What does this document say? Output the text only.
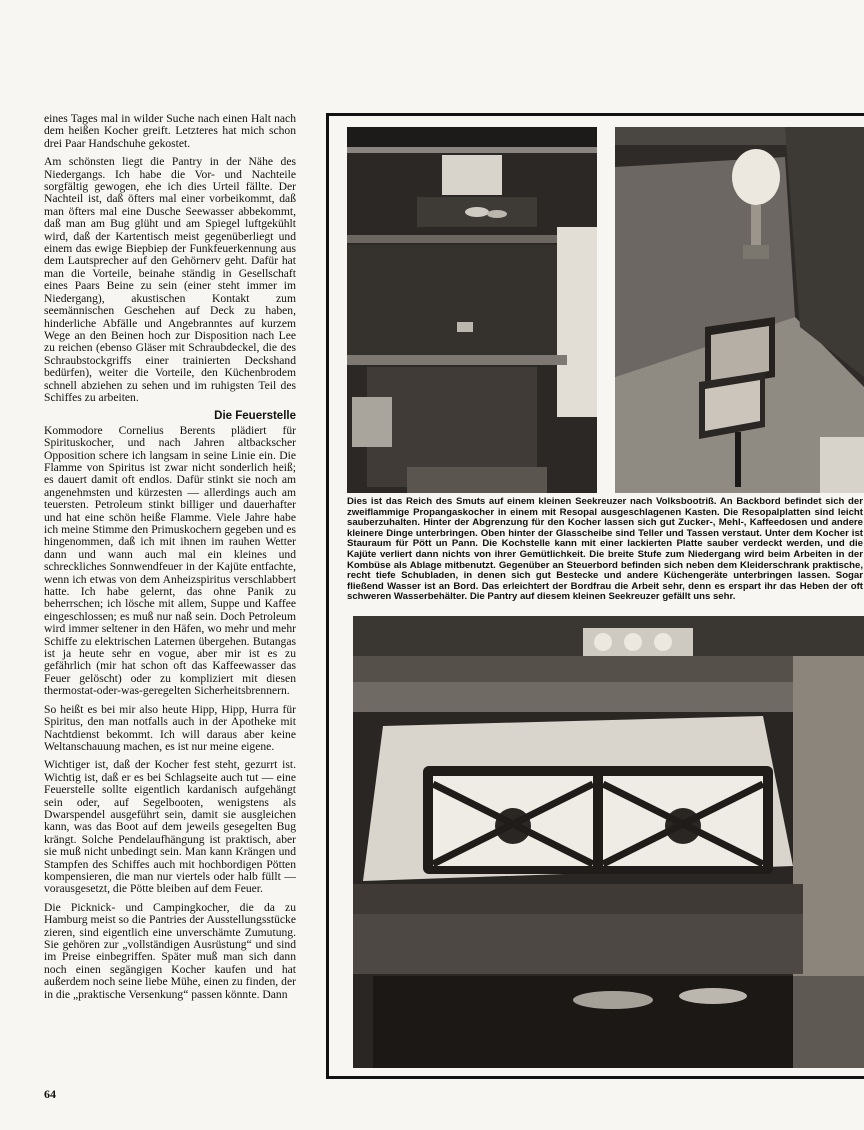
eines Tages mal in wilder Suche nach einen Halt nach dem heißen Kocher greift. Letzteres hat mich schon drei Paar Handschuhe gekostet.

Am schönsten liegt die Pantry in der Nähe des Niedergangs. Ich habe die Vor- und Nachteile sorgfältig gewogen, ehe ich dies Urteil fällte. Der Nachteil ist, daß öfters mal einer vorbeikommt, daß man öfters mal eine Dusche Seewasser abbekommt, daß man am Bug glüht und am Spiegel luftgekühlt wird, daß der Kartentisch meist gegenüberliegt und einem das ewige Biepbiep der Funkfeuerkennung aus dem Lautsprecher auf den Gehörnerv geht. Dafür hat man die Vorteile, beinahe ständig in Gesellschaft eines Paars Beine zu sein (einer steht immer im Niedergang), akustischen Kontakt zum seemännischen Geschehen auf Deck zu haben, hinderliche Abfälle und Angebranntes auf kurzem Wege an den Beinen hoch zur Disposition nach Lee zu reichen (ebenso Gläser mit Schraubdeckel, die des Schraubstockgriffs einer trainierten Deckshand bedürfen), weiter die Vorteile, den Küchenbrodem schnell abziehen zu sehen und im ruhigsten Teil des Schiffes zu arbeiten.

Die Feuerstelle

Kommodore Cornelius Berents plädiert für Spirituskocher, und nach Jahren altbackscher Opposition schere ich langsam in seine Linie ein. Die Flamme von Spiritus ist zwar nicht sonderlich heiß; es dauert damit oft endlos. Dafür stinkt sie noch am angenehmsten und kürzesten — allerdings auch am teuersten. Petroleum stinkt billiger und dauerhafter und hat eine schön heiße Flamme. Viele Jahre habe ich meine Stimme den Primuskochern gegeben und es hingenommen, daß ich mit ihnen im rauhen Wetter dann und wann auch mal ein kleines und schreckliches Sonnwendfeuer in der Kajüte entfachte, wenn ich etwas von dem Anheizspiritus verschlabbert hatte. Ich habe gelernt, das ohne Panik zu beherrschen; ich lösche mit allem, Suppe und Kaffee eingeschlossen; es muß nur naß sein. Doch Petroleum wird immer seltener in den Häfen, wo mehr und mehr Schiffe zu elektrischen Laternen übergehen. Butangas ist ja heute sehr en vogue, aber mir ist es zu gefährlich (mir hat schon oft das Kaffeewasser das Feuer gelöscht) oder zu kompliziert mit diesen thermostat-oder-was-geregelten Sicherheitsbrennern.

So heißt es bei mir also heute Hipp, Hipp, Hurra für Spiritus, den man notfalls auch in der Apotheke mit Nachtdienst bekommt. Ich will daraus aber keine Weltanschauung machen, es ist nur meine eigene.

Wichtiger ist, daß der Kocher fest steht, gezurrt ist. Wichtig ist, daß er es bei Schlagseite auch tut — eine Feuerstelle sollte eigentlich kardanisch aufgehängt sein oder, auf Segelbooten, wenigstens als Dwarspendel ausgeführt sein, damit sie ausgleichen kann, was das Boot auf dem jeweils gesegelten Bug krängt. Solche Pendelaufhängung ist praktisch, aber sie muß nicht unbedingt sein. Man kann Krängen und Stampfen des Schiffes auch mit hochbordigen Pötten kompensieren, die man nur viertels oder halb füllt — vorausgesetzt, die Pötte bleiben auf dem Feuer.

Die Picknick- und Campingkocher, die da zu Hamburg meist so die Pantries der Ausstellungsstücke zieren, sind eigentlich eine unverschämte Zumutung. Sie gehören zur „vollständigen Ausrüstung“ und sind im Preise einbegriffen. Später muß man sich dann noch einen segängigen Kocher kaufen und hat außerdem noch seine liebe Mühe, einen zu finden, der in die „praktische Versenkung“ passen könnte. Dann

64

Dies ist das Reich des Smuts auf einem kleinen Seekreuzer nach Volksbootriß. An Backbord befindet sich der zweiflammige Propangaskocher in einem mit Resopal ausgeschlagenen Kasten. Die Resopalplatten sind leicht sauberzuhalten. Hinter der Abgrenzung für den Kocher lassen sich gut Zucker-, Mehl-, Kaffeedosen und andere kleinere Dinge unterbringen. Oben hinter der Glasscheibe sind Teller und Tassen verstaut. Unter dem Kocher ist Stauraum für Pött un Pann. Die Kochstelle kann mit einer lackierten Platte sauber verdeckt werden, und die Kajüte verliert dann nichts von ihrer Gemütlichkeit. Die breite Stufe zum Niedergang wird beim Arbeiten in der Kombüse als Ablage mitbenutzt. Gegenüber an Steuerbord befinden sich neben dem Kleiderschrank praktische, recht tiefe Schubladen, in denen sich gut Bestecke und andere Küchengeräte unterbringen lassen. Sogar fließend Wasser ist an Bord. Das erleichtert der Bordfrau die Arbeit sehr, denn es erspart ihr das Heben der oft schweren Wasserbehälter. Die Pantry auf diesem kleinen Seekreuzer gefällt uns sehr.
